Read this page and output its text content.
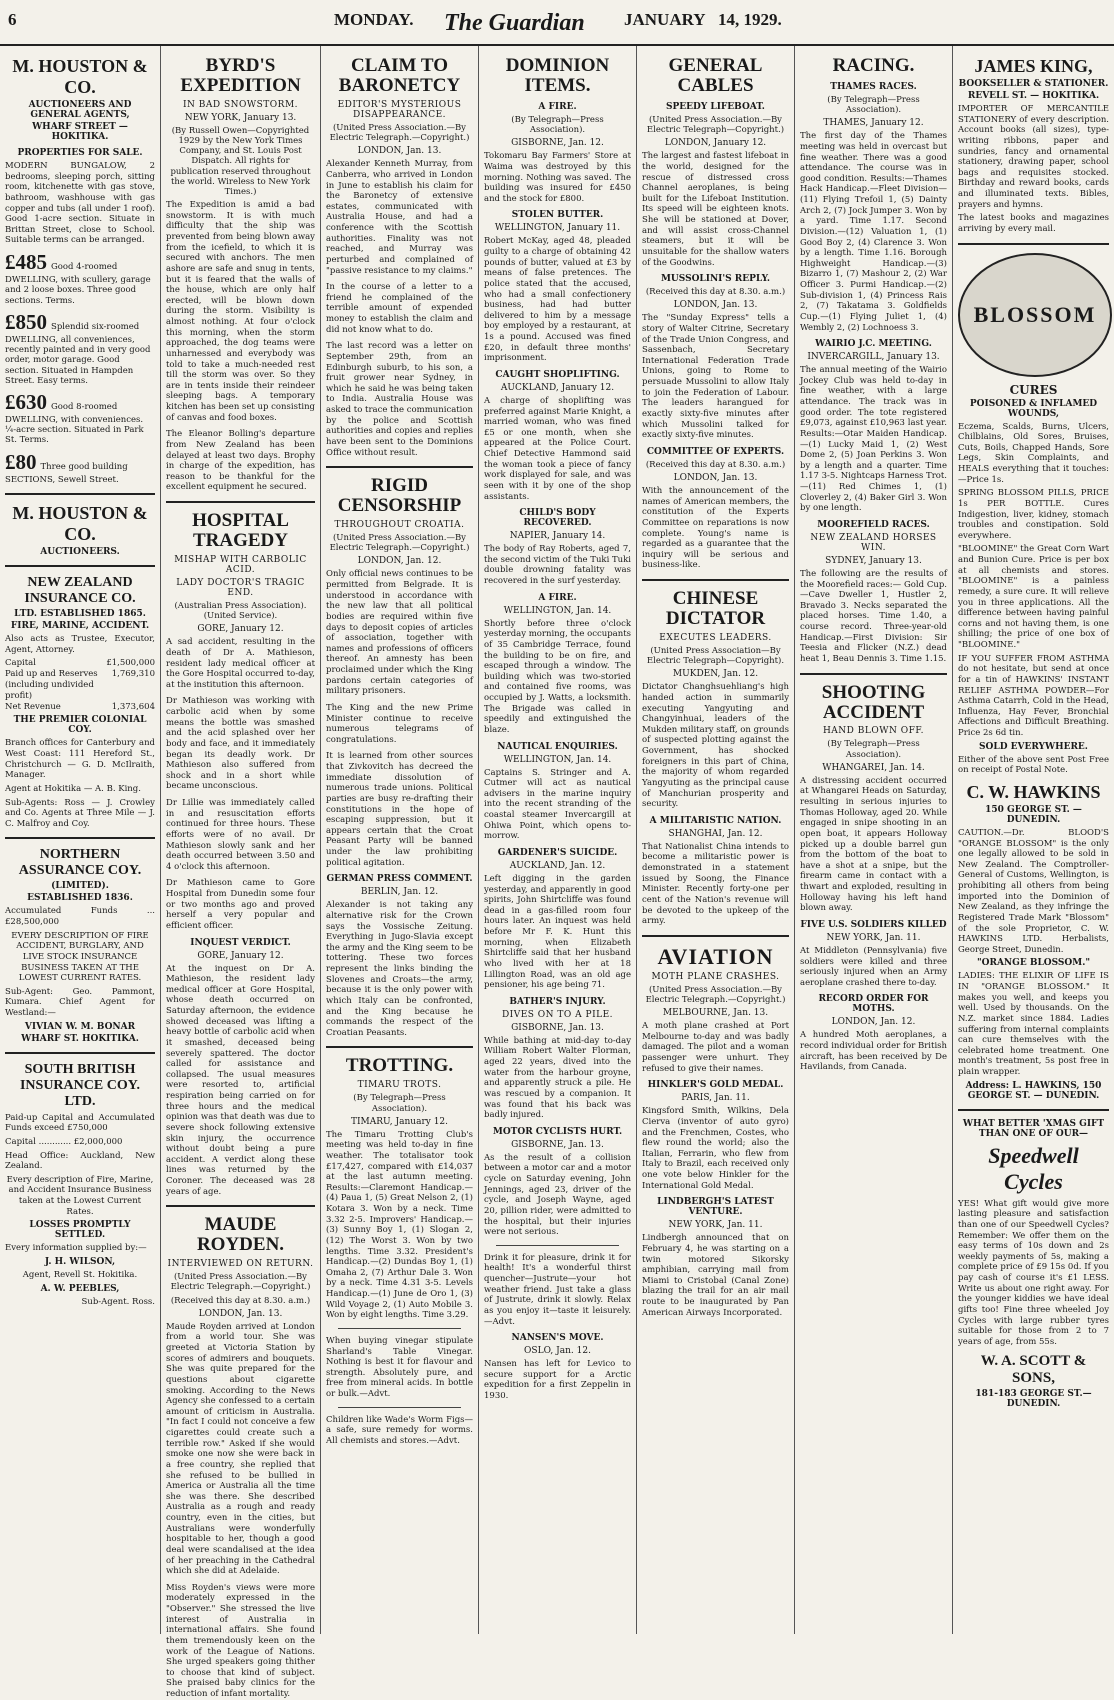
6	MONDAY. The Guardian JANUARY 14, 1929.
M. HOUSTON & CO.
AUCTIONEERS AND GENERAL AGENTS,
WHARF STREET — HOKITIKA.
PROPERTIES FOR SALE.
MODERN BUNGALOW, 2 bedrooms, sleeping porch, sitting room, kitchenette with gas stove, bathroom, washhouse with gas copper and tubs (all under 1 roof). Good 1-acre section. Situate in Brittan Street, close to School. Suitable terms can be arranged.
£485 Good 4-roomed DWELLING, with scullery, garage and 2 loose boxes. Three good sections. Terms.
£850 Splendid six-roomed DWELLING, all conveniences, recently painted and in very good order, motor garage. Good section. Situated in Hampden Street. Easy terms.
£630 Good 8-roomed DWELLING, with conveniences. ¼-acre section. Situated in Park St. Terms.
£80 Three good building SECTIONS, Sewell Street.
M. HOUSTON & CO.
AUCTIONEERS.
NEW ZEALAND INSURANCE CO.
LTD. ESTABLISHED 1865.
FIRE, MARINE, ACCIDENT.
Also acts as Trustee, Executor, Agent, Attorney.
Capital	£1,500,000
Paid up and Reserves (including undivided profit)
1,769,310
Net Revenue	1,373,604
THE PREMIER COLONIAL COY.
Branch offices for Canterbury and West Coast: 111 Hereford St., Christchurch — G. D. McIlraith, Manager.
Agent at Hokitika — A. B. King.
Sub-Agents: Ross — J. Crowley and Co. Agents at Three Mile — J. C. Malfroy and Coy.
NORTHERN ASSURANCE COY.
(LIMITED).
ESTABLISHED 1836.
Accumulated Funds ... £28,500,000
EVERY DESCRIPTION OF FIRE ACCIDENT, BURGLARY, AND LIVE STOCK INSURANCE BUSINESS TAKEN AT THE LOWEST CURRENT RATES.
Sub-Agent: Geo. Pammont, Kumara. Chief Agent for Westland:—
VIVIAN W. M. BONAR
WHARF ST. HOKITIKA.
SOUTH BRITISH INSURANCE COY. LTD.
Paid-up Capital and Accumulated Funds exceed £750,000
Capital ............ £2,000,000
Head Office: Auckland, New Zealand.
Every description of Fire, Marine, and Accident Insurance Business taken at the Lowest Current Rates.
LOSSES PROMPTLY SETTLED.
Every information supplied by:—
J. H. WILSON,
Agent, Revell St. Hokitika.
A. W. PEEBLES,
Sub-Agent. Ross.
BYRD'S EXPEDITION
IN BAD SNOWSTORM.
NEW YORK, January 13.
(By Russell Owen—Copyrighted 1929 by the New York Times Company, and St. Louis Post Dispatch. All rights for publication reserved throughout the world. Wireless to New York Times.)
The Expedition is amid a bad snowstorm. It is with much difficulty that the ship was prevented from being blown away from the icefield, to which it is secured with anchors. The men ashore are safe and snug in tents, but it is feared that the walls of the house, which are only half erected, will be blown down during the storm. Visibility is almost nothing. At four o'clock this morning, when the storm approached, the dog teams were unharnessed and everybody was told to take a much-needed rest till the storm was over. So they are in tents inside their reindeer sleeping bags. A temporary kitchen has been set up consisting of canvas and food boxes.
The Eleanor Bolling's departure from New Zealand has been delayed at least two days. Brophy in charge of the expedition, has reason to be thankful for the excellent equipment he secured.
HOSPITAL TRAGEDY
MISHAP WITH CARBOLIC ACID.
LADY DOCTOR'S TRAGIC END.
(Australian Press Association). (United Service).
GORE, January 12.
A sad accident, resulting in the death of Dr A. Mathieson, resident lady medical officer at the Gore Hospital occurred to-day, at the institution this afternoon.
Dr Mathieson was working with carbolic acid when by some means the bottle was smashed and the acid splashed over her body and face, and it immediately began its deadly work. Dr Mathieson also suffered from shock and in a short while became unconscious.
Dr Lillie was immediately called in and resuscitation efforts continued for three hours. These efforts were of no avail. Dr Mathieson slowly sank and her death occurred between 3.50 and 4 o'clock this afternoon.
Dr Mathieson came to Gore Hospital from Dunedin some four or two months ago and proved herself a very popular and efficient officer.
INQUEST VERDICT.
GORE, January 12.
At the inquest on Dr A. Mathieson, the resident lady medical officer at Gore Hospital, whose death occurred on Saturday afternoon, the evidence showed deceased was lifting a heavy bottle of carbolic acid when it smashed, deceased being severely spattered. The doctor called for assistance and collapsed. The usual measures were resorted to, artificial respiration being carried on for three hours and the medical opinion was that death was due to severe shock following extensive skin injury, the occurrence without doubt being a pure accident. A verdict along these lines was returned by the Coroner. The deceased was 28 years of age.
MAUDE ROYDEN.
INTERVIEWED ON RETURN.
(United Press Association.—By Electric Telegraph.—Copyright.)
(Received this day at 8.30. a.m.)
LONDON, Jan. 13.
Maude Royden arrived at London from a world tour. She was greeted at Victoria Station by scores of admirers and bouquets. She was quite prepared for the questions about cigarette smoking. According to the News Agency she confessed to a certain amount of criticism in Australia. "In fact I could not conceive a few cigarettes could create such a terrible row." Asked if she would smoke one now she were back in a free country, she replied that she refused to be bullied in America or Australia all the time she was there. She described Australia as a rough and ready country, even in the cities, but Australians were wonderfully hospitable to her, though a good deal were scandalised at the idea of her preaching in the Cathedral which she did at Adelaide.
Miss Royden's views were more moderately expressed in the "Observer." She stressed the live interest of Australia in international affairs. She found them tremendously keen on the work of the League of Nations. She urged speakers going thither to choose that kind of subject. She praised baby clinics for the reduction of infant mortality.
CLAIM TO BARONETCY
EDITOR'S MYSTERIOUS DISAPPEARANCE.
(United Press Association.—By Electric Telegraph.—Copyright.)
LONDON, Jan. 13.
Alexander Kenneth Murray, from Canberra, who arrived in London in June to establish his claim for the Baronetcy of extensive estates, communicated with Australia House, and had a conference with the Scottish authorities. Finality was not reached, and Murray was perturbed and complained of "passive resistance to my claims."
In the course of a letter to a friend he complained of the terrible amount of expended money to establish the claim and did not know what to do.
The last record was a letter on September 29th, from an Edinburgh suburb, to his son, a fruit grower near Sydney, in which he said he was being taken to India. Australia House was asked to trace the communication by the police and Scottish authorities and copies and replies have been sent to the Dominions Office without result.
RIGID CENSORSHIP
THROUGHOUT CROATIA.
(United Press Association.—By Electric Telegraph.—Copyright.)
LONDON, Jan. 12.
Only official news continues to be permitted from Belgrade. It is understood in accordance with the new law that all political bodies are required within five days to deposit copies of articles of association, together with names and professions of officers thereof. An amnesty has been proclaimed under which the King pardons certain categories of military prisoners.
The King and the new Prime Minister continue to receive numerous telegrams of congratulations.
It is learned from other sources that Zivkovitch has decreed the immediate dissolution of numerous trade unions. Political parties are busy re-drafting their constitutions in the hope of escaping suppression, but it appears certain that the Croat Peasant Party will be banned under the law prohibiting political agitation.
GERMAN PRESS COMMENT.
BERLIN, Jan. 12.
Alexander is not taking any alternative risk for the Crown says the Vossische Zeitung. Everything in Jugo-Slavia except the army and the King seem to be tottering. These two forces represent the links binding the Slovenes and Croats—the army, because it is the only power with which Italy can be confronted, and the King because he commands the respect of the Croatian Peasants.
TROTTING.
TIMARU TROTS.
(By Telegraph—Press Association).
TIMARU, January 12.
The Timaru Trotting Club's meeting was held to-day in fine weather. The totalisator took £17,427, compared with £14,037 at the last autumn meeting. Results:—Claremont Handicap.—(4) Paua 1, (5) Great Nelson 2, (1) Kotara 3. Won by a neck. Time 3.32 2-5. Improvers' Handicap.—(3) Sunny Boy 1, (1) Slogan 2, (12) The Worst 3. Won by two lengths. Time 3.32. President's Handicap.—(2) Dundas Boy 1, (1) Omaha 2, (7) Arthur Dale 3. Won by a neck. Time 4.31 3-5. Levels Handicap.—(1) June de Oro 1, (3) Wild Voyage 2, (1) Auto Mobile 3. Won by eight lengths. Time 3.29.
When buying vinegar stipulate Sharland's Table Vinegar. Nothing is best it for flavour and strength. Absolutely pure, and free from mineral acids. In bottle or bulk.—Advt.
Children like Wade's Worm Figs—a safe, sure remedy for worms. All chemists and stores.—Advt.
DOMINION ITEMS.
A FIRE.
(By Telegraph—Press Association).
GISBORNE, Jan. 12.
Tokomaru Bay Farmers' Store at Waima was destroyed by this morning. Nothing was saved. The building was insured for £450 and the stock for £800.
STOLEN BUTTER.
WELLINGTON, January 11.
Robert McKay, aged 48, pleaded guilty to a charge of obtaining 42 pounds of butter, valued at £3 by means of false pretences. The police stated that the accused, who had a small confectionery business, had had butter delivered to him by a message boy employed by a restaurant, at 1s a pound. Accused was fined £20, in default three months' imprisonment.
CAUGHT SHOPLIFTING.
AUCKLAND, January 12.
A charge of shoplifting was preferred against Marie Knight, a married woman, who was fined £5 or one month, when she appeared at the Police Court. Chief Detective Hammond said the woman took a piece of fancy work displayed for sale, and was seen with it by one of the shop assistants.
CHILD'S BODY RECOVERED.
NAPIER, January 14.
The body of Ray Roberts, aged 7, the second victim of the Tuki Tuki double drowning fatality was recovered in the surf yesterday.
A FIRE.
WELLINGTON, Jan. 14.
Shortly before three o'clock yesterday morning, the occupants of 35 Cambridge Terrace, found the building to be on fire, and escaped through a window. The building which was two-storied and contained five rooms, was occupied by J. Watts, a locksmith. The Brigade was called in speedily and extinguished the blaze.
NAUTICAL ENQUIRIES.
WELLINGTON, Jan. 14.
Captains S. Stringer and A. Cutmer will act as nautical advisers in the marine inquiry into the recent stranding of the coastal steamer Invercargill at Ohiwa Point, which opens to-morrow.
GARDENER'S SUICIDE.
AUCKLAND, Jan. 12.
Left digging in the garden yesterday, and apparently in good spirits, John Shirtcliffe was found dead in a gas-filled room four hours later. An inquest was held before Mr F. K. Hunt this morning, when Elizabeth Shirtcliffe said that her husband who lived with her at 18 Lillington Road, was an old age pensioner, his age being 71.
BATHER'S INJURY.
DIVES ON TO A PILE.
GISBORNE, Jan. 13.
While bathing at mid-day to-day William Robert Walter Florman, aged 22 years, dived into the water from the harbour groyne, and apparently struck a pile. He was rescued by a companion. It was found that his back was badly injured.
MOTOR CYCLISTS HURT.
GISBORNE, Jan. 13.
As the result of a collision between a motor car and a motor cycle on Saturday evening, John Jennings, aged 23, driver of the cycle, and Joseph Wayne, aged 20, pillion rider, were admitted to the hospital, but their injuries were not serious.
Drink it for pleasure, drink it for health! It's a wonderful thirst quencher—Justrute—your hot weather friend. Just take a glass of Justrute, drink it slowly. Relax as you enjoy it—taste it leisurely.—Advt.
NANSEN'S MOVE.
OSLO, Jan. 12.
Nansen has left for Levico to secure support for a Arctic expedition for a first Zeppelin in 1930.
GENERAL CABLES
SPEEDY LIFEBOAT.
(United Press Association.—By Electric Telegraph—Copyright.)
LONDON, January 12.
The largest and fastest lifeboat in the world, designed for the rescue of distressed cross Channel aeroplanes, is being built for the Lifeboat Institution. Its speed will be eighteen knots. She will be stationed at Dover, and will assist cross-Channel steamers, but it will be unsuitable for the shallow waters of the Goodwins.
MUSSOLINI'S REPLY.
(Received this day at 8.30. a.m.)
LONDON, Jan. 13.
The "Sunday Express" tells a story of Walter Citrine, Secretary of the Trade Union Congress, and Sassenbach, Secretary International Federation Trade Unions, going to Rome to persuade Mussolini to allow Italy to join the Federation of Labour. The leaders harangued for exactly sixty-five minutes after which Mussolini talked for exactly sixty-five minutes.
COMMITTEE OF EXPERTS.
(Received this day at 8.30. a.m.)
LONDON, Jan. 13.
With the announcement of the names of American members, the constitution of the Experts Committee on reparations is now complete. Young's name is regarded as a guarantee that the inquiry will be serious and business-like.
CHINESE DICTATOR
EXECUTES LEADERS.
(United Press Association—By Electric Telegraph—Copyright).
MUKDEN, Jan. 12.
Dictator Changhsuehliang's high handed action in summarily executing Yangyuting and Changyinhuai, leaders of the Mukden military staff, on grounds of suspected plotting against the Government, has shocked foreigners in this part of China, the majority of whom regarded Yangyuting as the principal cause of Manchurian prosperity and security.
A MILITARISTIC NATION.
SHANGHAI, Jan. 12.
That Nationalist China intends to become a militaristic power is demonstrated in a statement issued by Soong, the Finance Minister. Recently forty-one per cent of the Nation's revenue will be devoted to the upkeep of the army.
AVIATION
MOTH PLANE CRASHES.
(United Press Association.—By Electric Telegraph.—Copyright.)
MELBOURNE, Jan. 13.
A moth plane crashed at Port Melbourne to-day and was badly damaged. The pilot and a woman passenger were unhurt. They refused to give their names.
HINKLER'S GOLD MEDAL.
PARIS, Jan. 11.
Kingsford Smith, Wilkins, Dela Cierva (inventor of auto gyro) and the Frenchmen, Costes, who flew round the world; also the Italian, Ferrarin, who flew from Italy to Brazil, each received only one vote below Hinkler for the International Gold Medal.
LINDBERGH'S LATEST VENTURE.
NEW YORK, Jan. 11.
Lindbergh announced that on February 4, he was starting on a twin motored Sikorsky amphibian, carrying mail from Miami to Cristobal (Canal Zone) blazing the trail for an air mail route to be inaugurated by Pan American Airways Incorporated.
RACING.
THAMES RACES.
(By Telegraph—Press Association).
THAMES, January 12.
The first day of the Thames meeting was held in overcast but fine weather. There was a good attendance. The course was in good condition. Results:—Thames Hack Handicap.—Fleet Division—(11) Flying Trefoil 1, (5) Dainty Arch 2, (7) Jock Jumper 3. Won by a yard. Time 1.17. Second Division.—(12) Valuation 1, (1) Good Boy 2, (4) Clarence 3. Won by a length. Time 1.16. Borough Highweight Handicap.—(3) Bizarro 1, (7) Mashour 2, (2) War Officer 3. Purmi Handicap.—(2) Sub-division 1, (4) Princess Rais 2, (7) Takatama 3. Goldfields Cup.—(1) Flying Juliet 1, (4) Wembly 2, (2) Lochnoess 3.
WAIRIO J.C. MEETING.
INVERCARGILL, January 13.
The annual meeting of the Wairio Jockey Club was held to-day in fine weather, with a large attendance. The track was in good order. The tote registered £9,073, against £10,963 last year. Results:—Otar Maiden Handicap.—(1) Lucky Maid 1, (2) West Dome 2, (5) Joan Perkins 3. Won by a length and a quarter. Time 1.17 3-5. Nightcaps Harness Trot.—(11) Red Chimes 1, (1) Cloverley 2, (4) Baker Girl 3. Won by one length.
MOOREFIELD RACES.
NEW ZEALAND HORSES WIN.
SYDNEY, January 13.
The following are the results of the Moorefield races:— Gold Cup.—Cave Dweller 1, Hustler 2, Bravado 3. Necks separated the placed horses. Time 1.40, a course record. Three-year-old Handicap.—First Division: Sir Teesia and Flicker (N.Z.) dead heat 1, Beau Dennis 3. Time 1.15.
SHOOTING ACCIDENT
HAND BLOWN OFF.
(By Telegraph—Press Association).
WHANGAREI, Jan. 14.
A distressing accident occurred at Whangarei Heads on Saturday, resulting in serious injuries to Thomas Holloway, aged 20. While engaged in snipe shooting in an open boat, it appears Holloway picked up a double barrel gun from the bottom of the boat to have a shot at a snipe, but the firearm came in contact with a thwart and exploded, resulting in Holloway having his left hand blown away.
FIVE U.S. SOLDIERS KILLED
NEW YORK, Jan. 11.
At Middleton (Pennsylvania) five soldiers were killed and three seriously injured when an Army aeroplane crashed there to-day.
RECORD ORDER FOR MOTHS.
LONDON, Jan. 12.
A hundred Moth aeroplanes, a record individual order for British aircraft, has been received by De Havilands, from Canada.
JAMES KING,
BOOKSELLER & STATIONER.
REVELL ST. — HOKITIKA.
IMPORTER OF MERCANTILE STATIONERY of every description. Account books (all sizes), type-writing ribbons, paper and sundries, fancy and ornamental stationery, drawing paper, school bags and requisites stocked. Birthday and reward books, cards and illuminated texts. Bibles, prayers and hymns.
The latest books and magazines arriving by every mail.
BLOSSOM
CURES
POISONED & INFLAMED WOUNDS,
Eczema, Scalds, Burns, Ulcers, Chilblains, Old Sores, Bruises, Cuts, Boils, Chapped Hands, Sore Legs, Skin Complaints, and HEALS everything that it touches:—Price 1s.
SPRING BLOSSOM PILLS, PRICE 1s PER BOTTLE. Cures Indigestion, liver, kidney, stomach troubles and constipation. Sold everywhere.
"BLOOMINE" the Great Corn Wart and Bunion Cure. Price is per box at all chemists and stores. "BLOOMINE" is a painless remedy, a sure cure. It will relieve you in three applications. All the difference between having painful corns and not having them, is one shilling; the price of one box of "BLOOMINE."
IF YOU SUFFER FROM ASTHMA do not hesitate, but send at once for a tin of HAWKINS' INSTANT RELIEF ASTHMA POWDER—For Asthma Catarrh, Cold in the Head, Influenza, Hay Fever, Bronchial Affections and Difficult Breathing. Price 2s 6d tin.
SOLD EVERYWHERE.
Either of the above sent Post Free on receipt of Postal Note.
C. W. HAWKINS
150 GEORGE ST. — DUNEDIN.
CAUTION.—Dr. BLOOD'S "ORANGE BLOSSOM" is the only one legally allowed to be sold in New Zealand. The Comptroller-General of Customs, Wellington, is prohibiting all others from being imported into the Dominion of New Zealand, as they infringe the Registered Trade Mark "Blossom" of the sole Proprietor, C. W. HAWKINS LTD. Herbalists, George Street, Dunedin.
"ORANGE BLOSSOM."
LADIES: THE ELIXIR OF LIFE IS IN "ORANGE BLOSSOM." It makes you well, and keeps you well. Used by thousands. On the N.Z. market since 1884. Ladies suffering from internal complaints can cure themselves with the celebrated home treatment. One month's treatment, 5s post free in plain wrapper.
Address: L. HAWKINS, 150 GEORGE ST. — DUNEDIN.
WHAT BETTER 'XMAS GIFT THAN ONE OF OUR—
Speedwell Cycles
YES! What gift would give more lasting pleasure and satisfaction than one of our Speedwell Cycles? Remember: We offer them on the easy terms of 10s down and 2s weekly payments of 5s, making a complete price of £9 15s 0d. If you pay cash of course it's £1 LESS. Write us about one right away. For the younger kiddies we have ideal gifts too! Fine three wheeled Joy Cycles with large rubber tyres suitable for those from 2 to 7 years of age, from 55s.
W. A. SCOTT & SONS,
181-183 GEORGE ST.—DUNEDIN.
